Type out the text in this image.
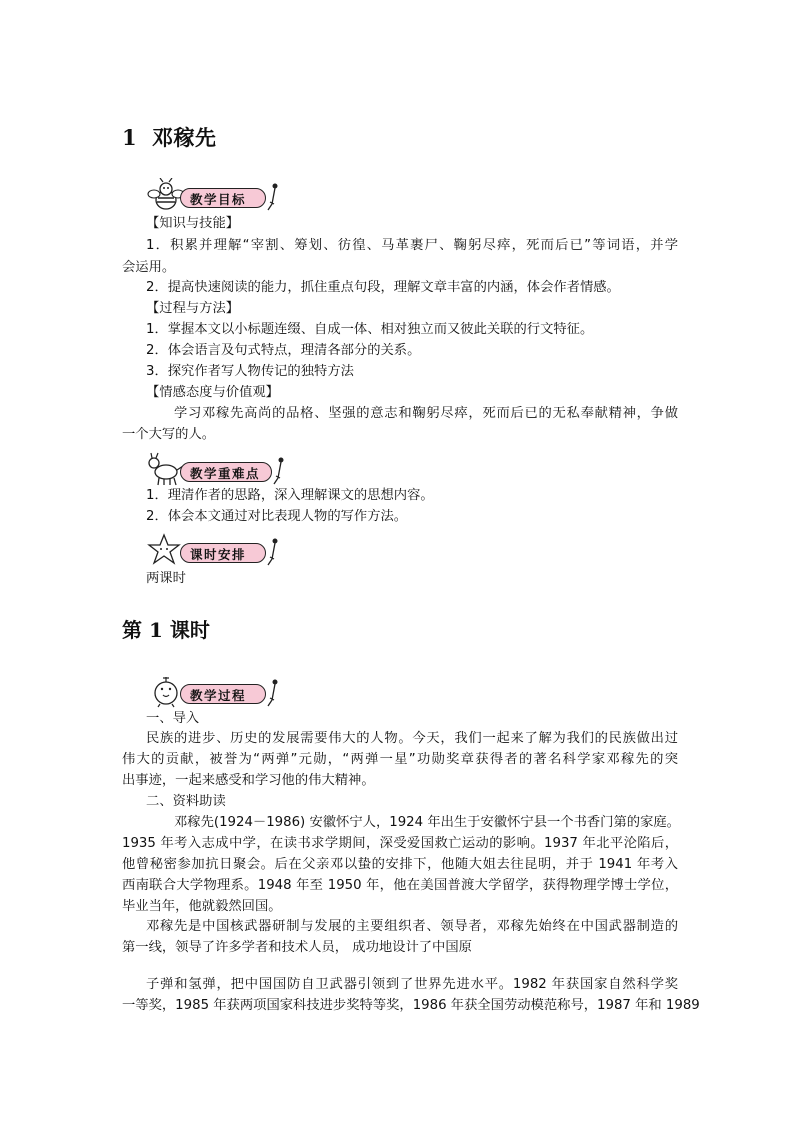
1 邓稼先
教学目标
【知识与技能】
1．积累并理解“宰割、筹划、彷徨、马革裹尸、鞠躬尽瘁，死而后已”等词语，并学
会运用。
2．提高快速阅读的能力，抓住重点句段，理解文章丰富的内涵，体会作者情感。
【过程与方法】
1．掌握本文以小标题连缀、自成一体、相对独立而又彼此关联的行文特征。
2．体会语言及句式特点，理清各部分的关系。
3．探究作者写人物传记的独特方法
【情感态度与价值观】
学习邓稼先高尚的品格、坚强的意志和鞠躬尽瘁，死而后已的无私奉献精神，争做
一个大写的人。
教学重难点
1．理清作者的思路，深入理解课文的思想内容。
2．体会本文通过对比表现人物的写作方法。
课时安排
两课时
第 1 课时
教学过程
一、导入
民族的进步、历史的发展需要伟大的人物。今天，我们一起来了解为我们的民族做出过
伟大的贡献，被誉为“两弹”元勋，“两弹一星”功勋奖章获得者的著名科学家邓稼先的突
出事迹，一起来感受和学习他的伟大精神。
二、资料助读
邓稼先(1924－1986) 安徽怀宁人，1924 年出生于安徽怀宁县一个书香门第的家庭。
1935 年考入志成中学，在读书求学期间，深受爱国救亡运动的影响。1937 年北平沦陷后，
他曾秘密参加抗日聚会。后在父亲邓以蛰的安排下，他随大姐去往昆明，并于 1941 年考入
西南联合大学物理系。1948 年至 1950 年，他在美国普渡大学留学，获得物理学博士学位，
毕业当年，他就毅然回国。
邓稼先是中国核武器研制与发展的主要组织者、领导者，邓稼先始终在中国武器制造的
第一线，领导了许多学者和技术人员， 成功地设计了中国原
子弹和氢弹，把中国国防自卫武器引领到了世界先进水平。1982 年获国家自然科学奖
一等奖，1985 年获两项国家科技进步奖特等奖，1986 年获全国劳动模范称号，1987 年和 1989
